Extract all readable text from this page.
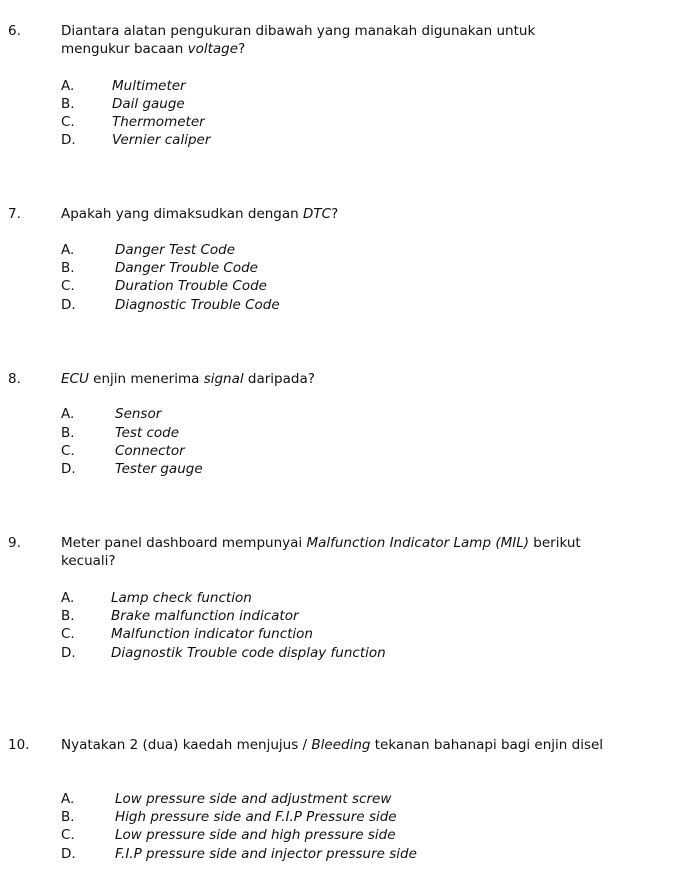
6.	Diantara alatan pengukuran dibawah yang manakah digunakan untuk
mengukur bacaan voltage?
A.	Multimeter
B.	Dail gauge
C.	Thermometer
D.	Vernier caliper
7.	Apakah yang dimaksudkan dengan DTC?
A.	Danger Test Code
B.	Danger Trouble Code
C.	Duration Trouble Code
D.	Diagnostic Trouble Code
8.	ECU enjin menerima signal daripada?
A.	Sensor
B.	Test code
C.	Connector
D.	Tester gauge
9.	Meter panel dashboard mempunyai Malfunction Indicator Lamp (MIL) berikut
kecuali?
A.	Lamp check function
B.	Brake malfunction indicator
C.	Malfunction indicator function
D.	Diagnostik Trouble code display function
10. Nyatakan 2 (dua) kaedah menjujus / Bleeding tekanan bahanapi bagi enjin disel
A.	Low pressure side and adjustment screw
B.	High pressure side and F.I.P Pressure side
C.	Low pressure side and high pressure side
D.	F.I.P pressure side and injector pressure side
